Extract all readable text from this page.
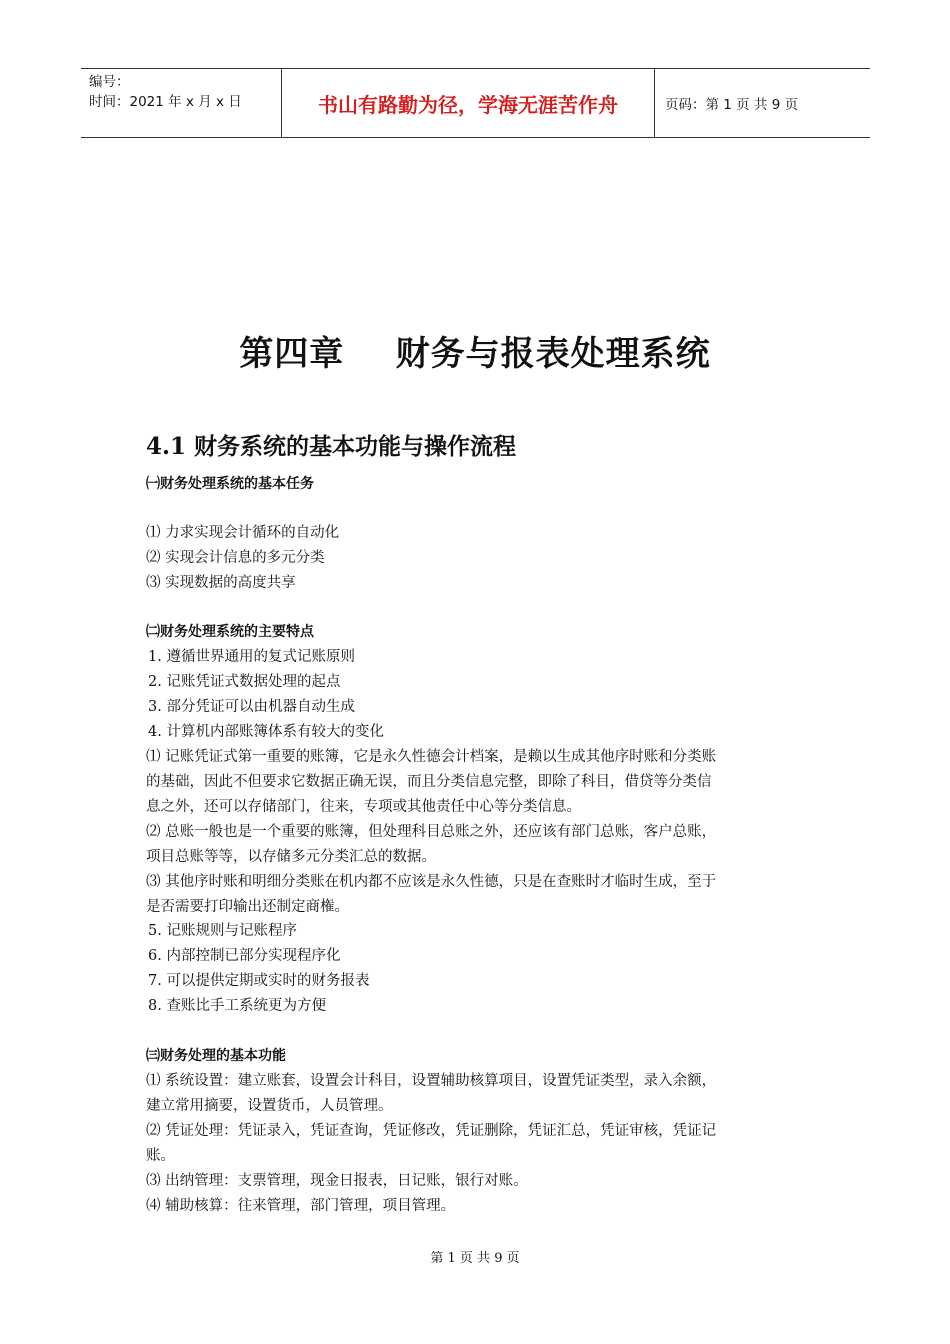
编号：
时间：2021 年 x 月 x 日	书山有路勤为径，学海无涯苦作舟	页码：第 1 页 共 9 页
第四章    财务与报表处理系统
4.1 财务系统的基本功能与操作流程
㈠财务处理系统的基本任务
⑴ 力求实现会计循环的自动化
⑵ 实现会计信息的多元分类
⑶ 实现数据的高度共享
㈡财务处理系统的主要特点
1. 遵循世界通用的复式记账原则
2. 记账凭证式数据处理的起点
3. 部分凭证可以由机器自动生成
4. 计算机内部账簿体系有较大的变化
⑴ 记账凭证式第一重要的账簿，它是永久性德会计档案，是赖以生成其他序时账和分类账
的基础，因此不但要求它数据正确无误，而且分类信息完整，即除了科目，借贷等分类信
息之外，还可以存储部门，往来，专项或其他责任中心等分类信息。
⑵ 总账一般也是一个重要的账簿，但处理科目总账之外，还应该有部门总账，客户总账，
项目总账等等，以存储多元分类汇总的数据。
⑶ 其他序时账和明细分类账在机内都不应该是永久性德，只是在查账时才临时生成，至于
是否需要打印输出还制定商権。
5. 记账规则与记账程序
6. 内部控制已部分实现程序化
7. 可以提供定期或实时的财务报表
8. 查账比手工系统更为方便
㈢财务处理的基本功能
⑴ 系统设置：建立账套，设置会计科目，设置辅助核算项目，设置凭证类型，录入余额，
建立常用摘要，设置货币，人员管理。
⑵ 凭证处理：凭证录入，凭证查询，凭证修改，凭证删除，凭证汇总，凭证审核，凭证记
账。
⑶ 出纳管理：支票管理，现金日报表，日记账，银行对账。
⑷ 辅助核算：往来管理，部门管理，项目管理。
第 1 页 共 9 页
